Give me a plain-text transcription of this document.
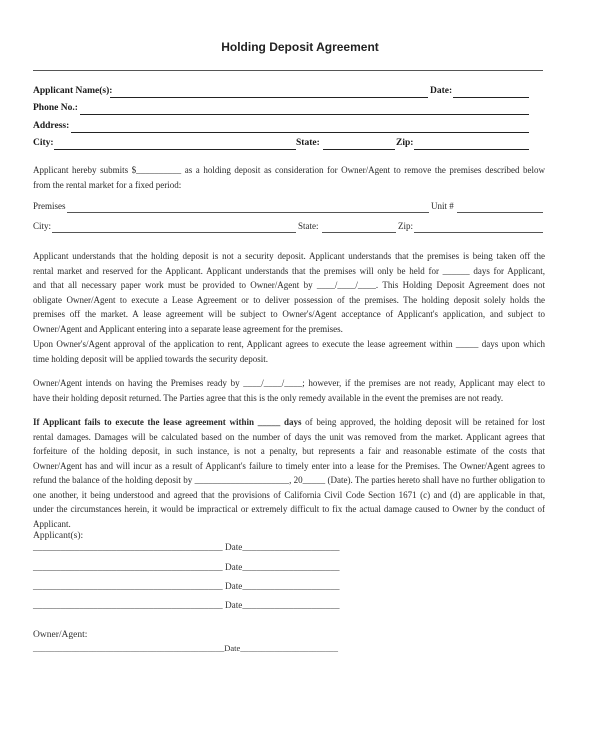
Holding Deposit Agreement
Applicant Name(s):	Date:
Phone No.:
Address:
City:	State:	Zip:
Applicant hereby submits $__________ as a holding deposit as consideration for Owner/Agent to remove the premises described below
from the rental market for a fixed period:
Premises	Unit #
City:	State:	Zip:
Applicant understands that the holding deposit is not a security deposit. Applicant understands that the premises is being taken off the
rental market and reserved for the Applicant. Applicant understands that the premises will only be held for ______ days for Applicant,
and that all necessary paper work must be provided to Owner/Agent by ____/____/____. This Holding Deposit Agreement does not
obligate Owner/Agent to execute a Lease Agreement or to deliver possession of the premises. The holding deposit solely holds the
premises off the market. A lease agreement will be subject to Owner's/Agent acceptance of Applicant's application, and subject to
Owner/Agent and Applicant entering into a separate lease agreement for the premises.
Upon Owner's/Agent approval of the application to rent, Applicant agrees to execute the lease agreement within _____ days upon which
time holding deposit will be applied towards the security deposit.
Owner/Agent intends on having the Premises ready by ____/____/____; however, if the premises are not ready, Applicant may elect to
have their holding deposit returned. The Parties agree that this is the only remedy available in the event the premises are not ready.
If Applicant fails to execute the lease agreement within _____ days of being approved, the holding deposit will be retained for lost
rental damages. Damages will be calculated based on the number of days the unit was removed from the market. Applicant agrees that
forfeiture of the holding deposit, in such instance, is not a penalty, but represents a fair and reasonable estimate of the costs that
Owner/Agent has and will incur as a result of Applicant's failure to timely enter into a lease for the Premises. The Owner/Agent agrees to
refund the balance of the holding deposit by _____________________, 20_____ (Date). The parties hereto shall have no further obligation to
one another, it being understood and agreed that the provisions of California Civil Code Section 1671 (c) and (d) are applicable in that,
under the circumstances herein, it would be impractical or extremely difficult to fix the actual damage caused to Owner by the conduct of
Applicant.
Applicant(s):
_________________________________________ Date_____________________
_________________________________________ Date_____________________
_________________________________________ Date_____________________
_________________________________________ Date_____________________
Owner/Agent:
_____________________________________________Date_______________________
